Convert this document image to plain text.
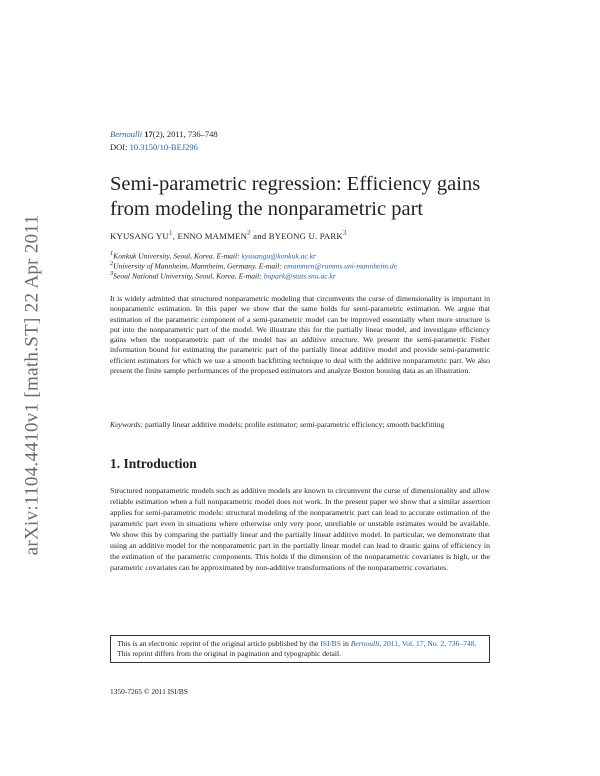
arXiv:1104.4410v1 [math.ST] 22 Apr 2011
Bernoulli 17(2), 2011, 736–748
DOI: 10.3150/10-BEJ296
Semi-parametric regression: Efficiency gains
from modeling the nonparametric part
KYUSANG $YU^1$, ENNO MAMMEN$^2$ and BYEONG U. PARK$^3$
$^1$Konkuk University, Seoul, Korea. E-mail: kyusangu@konkuk.ac.kr
$^2$University of Mannheim, Mannheim, Germany. E-mail: emammen@rumms.uni-mannheim.de
$^3$Seoul National University, Seoul, Korea. E-mail: bupark@stats.snu.ac.kr
It is widely admitted that structured nonparametric modeling that circumvents the curse of dimensionality is important in nonparametric estimation. In this paper we show that the same holds for semi-parametric estimation. We argue that estimation of the parametric component of a semi-parametric model can be improved essentially when more structure is put into the nonparametric part of the model. We illustrate this for the partially linear model, and investigate efficiency gains when the nonparametric part of the model has an additive structure. We present the semi-parametric Fisher information bound for estimating the parametric part of the partially linear additive model and provide semi-parametric efficient estimators for which we use a smooth backfitting technique to deal with the additive nonparametric part. We also present the finite sample performances of the proposed estimators and analyze Boston housing data as an illustration.
Keywords: partially linear additive models; profile estimator; semi-parametric efficiency; smooth backfitting
1. Introduction
Structured nonparametric models such as additive models are known to circumvent the curse of dimensionality and allow reliable estimation when a full nonparametric model does not work. In the present paper we show that a similar assertion applies for semi-parametric models: structural modeling of the nonparametric part can lead to accurate estimation of the parametric part even in situations where otherwise only very poor, unreliable or unstable estimates would be available. We show this by comparing the partially linear and the partially linear additive model. In particular, we demonstrate that using an additive model for the nonparametric part in the partially linear model can lead to drastic gains of efficiency in the estimation of the parametric components. This holds if the dimension of the nonparametric covariates is high, or the parametric covariates can be approximated by non-additive transformations of the nonparametric covariates.
This is an electronic reprint of the original article published by the ISI/BS in Bernoulli, 2011, Vol. 17, No. 2, 736–748. This reprint differs from the original in pagination and typographic detail.
1350-7265 © 2011 ISI/BS
